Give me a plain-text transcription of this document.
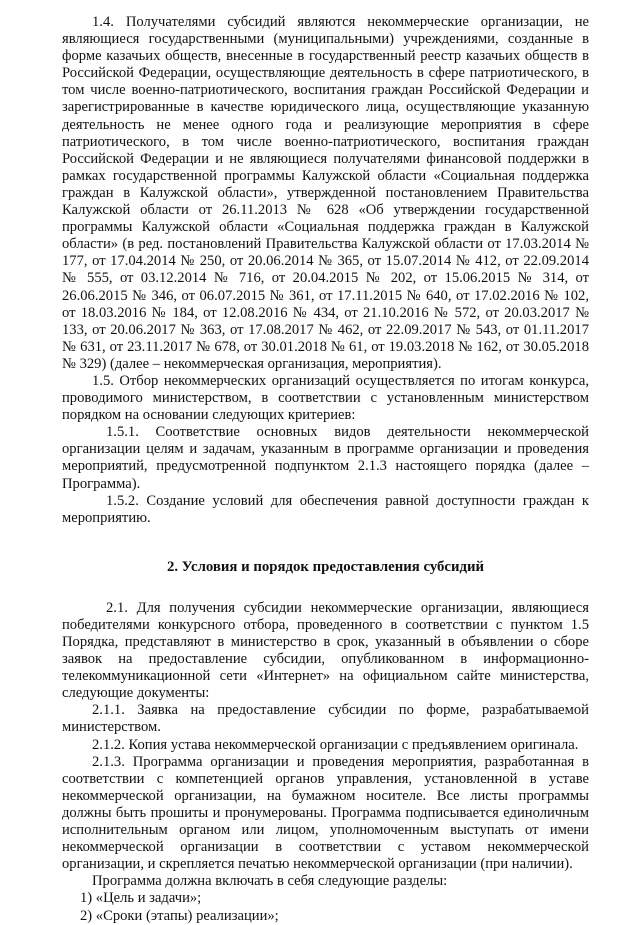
1.4. Получателями субсидий являются некоммерческие организации, не являющиеся государственными (муниципальными) учреждениями, созданные в форме казачьих обществ, внесенные в государственный реестр казачьих обществ в Российской Федерации, осуществляющие деятельность в сфере патриотического, в том числе военно-патриотического, воспитания граждан Российской Федерации и зарегистрированные в качестве юридического лица, осуществляющие указанную деятельность не менее одного года и реализующие мероприятия в сфере патриотического, в том числе военно-патриотического, воспитания граждан Российской Федерации и не являющиеся получателями финансовой поддержки в рамках государственной программы Калужской области «Социальная поддержка граждан в Калужской области», утвержденной постановлением Правительства Калужской области от 26.11.2013 № 628 «Об утверждении государственной программы Калужской области «Социальная поддержка граждан в Калужской области» (в ред. постановлений Правительства Калужской области от 17.03.2014 № 177, от 17.04.2014 № 250, от 20.06.2014 № 365, от 15.07.2014 № 412, от 22.09.2014 № 555, от 03.12.2014 № 716, от 20.04.2015 № 202, от 15.06.2015 № 314, от 26.06.2015 № 346, от 06.07.2015 № 361, от 17.11.2015 № 640, от 17.02.2016 № 102, от 18.03.2016 № 184, от 12.08.2016 № 434, от 21.10.2016 № 572, от 20.03.2017 № 133, от 20.06.2017 № 363, от 17.08.2017 № 462, от 22.09.2017 № 543, от 01.11.2017 № 631, от 23.11.2017 № 678, от 30.01.2018 № 61, от 19.03.2018 № 162, от 30.05.2018 № 329) (далее – некоммерческая организация, мероприятия).

1.5. Отбор некоммерческих организаций осуществляется по итогам конкурса, проводимого министерством, в соответствии с установленным министерством порядком на основании следующих критериев:

1.5.1. Соответствие основных видов деятельности некоммерческой организации целям и задачам, указанным в программе организации и проведения мероприятий, предусмотренной подпунктом 2.1.3 настоящего порядка (далее – Программа).

1.5.2. Создание условий для обеспечения равной доступности граждан к мероприятию.

2. Условия и порядок предоставления субсидий

2.1. Для получения субсидии некоммерческие организации, являющиеся победителями конкурсного отбора, проведенного в соответствии с пунктом 1.5 Порядка, представляют в министерство в срок, указанный в объявлении о сборе заявок на предоставление субсидии, опубликованном в информационно-телекоммуникационной сети «Интернет» на официальном сайте министерства, следующие документы:

2.1.1. Заявка на предоставление субсидии по форме, разрабатываемой министерством.

2.1.2. Копия устава некоммерческой организации с предъявлением оригинала.

2.1.3. Программа организации и проведения мероприятия, разработанная в соответствии с компетенцией органов управления, установленной в уставе некоммерческой организации, на бумажном носителе. Все листы программы должны быть прошиты и пронумерованы. Программа подписывается единоличным исполнительным органом или лицом, уполномоченным выступать от имени некоммерческой организации в соответствии с уставом некоммерческой организации, и скрепляется печатью некоммерческой организации (при наличии).

Программа должна включать в себя следующие разделы:

1) «Цель и задачи»;
2) «Сроки (этапы) реализации»;
